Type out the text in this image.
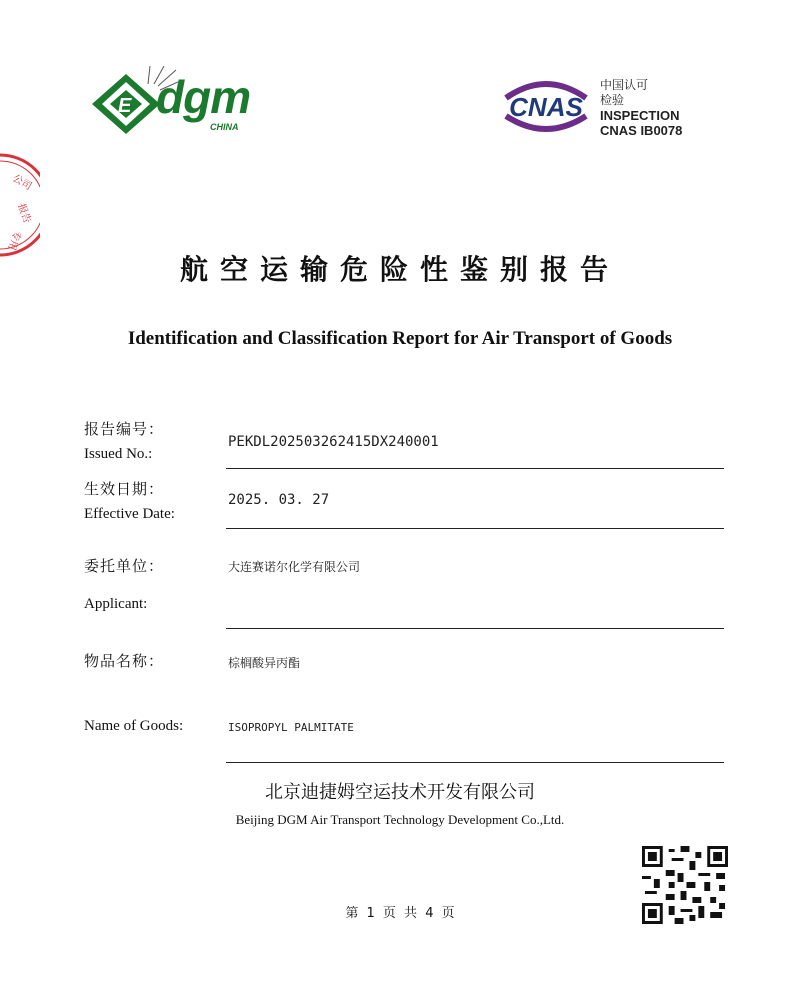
公司
报告
专用
E dgm
CHINA
CNAS
中国认可
检验
INSPECTION
CNAS IB0078
航空运输危险性鉴别报告
Identification and Classification Report for Air Transport of Goods
报告编号：
Issued No.:
PEKDL202503262415DX240001
生效日期：
Effective Date:
2025. 03. 27
委托单位：
Applicant:
大连赛诺尔化学有限公司
物品名称：	棕榈酸异丙酯
Name of Goods:	ISOPROPYL PALMITATE
北京迪捷姆空运技术开发有限公司
Beijing DGM Air Transport Technology Development Co.,Ltd.
第 1 页 共 4 页
